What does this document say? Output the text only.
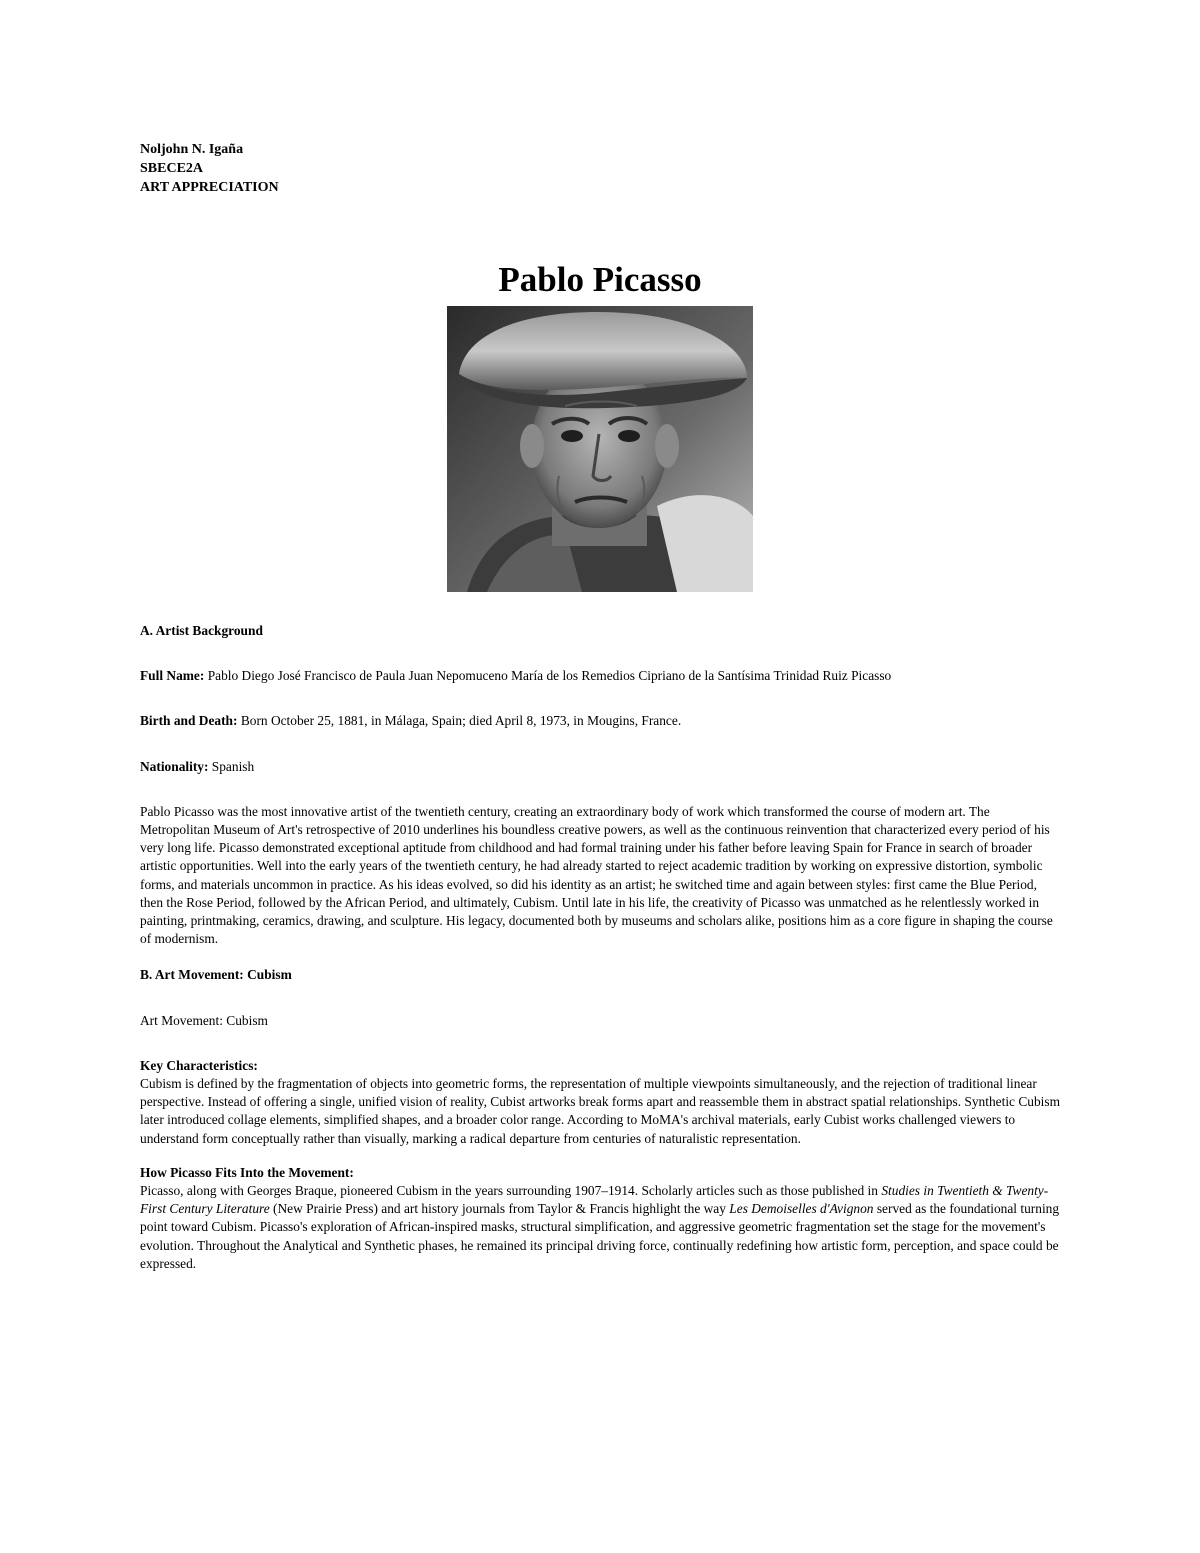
Noljohn N. Igaña
SBECE2A
ART APPRECIATION
Pablo Picasso
A. Artist Background
Full Name: Pablo Diego José Francisco de Paula Juan Nepomuceno María de los Remedios Cipriano de la Santísima Trinidad Ruiz Picasso
Birth and Death: Born October 25, 1881, in Málaga, Spain; died April 8, 1973, in Mougins, France.
Nationality: Spanish

Pablo Picasso was the most innovative artist of the twentieth century, creating an extraordinary body of work which transformed the course of modern art. The Metropolitan Museum of Art's retrospective of 2010 underlines his boundless creative powers, as well as the continuous reinvention that characterized every period of his very long life. Picasso demonstrated exceptional aptitude from childhood and had formal training under his father before leaving Spain for France in search of broader artistic opportunities. Well into the early years of the twentieth century, he had already started to reject academic tradition by working on expressive distortion, symbolic forms, and materials uncommon in practice. As his ideas evolved, so did his identity as an artist; he switched time and again between styles: first came the Blue Period, then the Rose Period, followed by the African Period, and ultimately, Cubism. Until late in his life, the creativity of Picasso was unmatched as he relentlessly worked in painting, printmaking, ceramics, drawing, and sculpture. His legacy, documented both by museums and scholars alike, positions him as a core figure in shaping the course of modernism.

B. Art Movement: Cubism
Art Movement: Cubism
Key Characteristics:

Cubism is defined by the fragmentation of objects into geometric forms, the representation of multiple viewpoints simultaneously, and the rejection of traditional linear perspective. Instead of offering a single, unified vision of reality, Cubist artworks break forms apart and reassemble them in abstract spatial relationships. Synthetic Cubism later introduced collage elements, simplified shapes, and a broader color range. According to MoMA's archival materials, early Cubist works challenged viewers to understand form conceptually rather than visually, marking a radical departure from centuries of naturalistic representation.

How Picasso Fits Into the Movement:

Picasso, along with Georges Braque, pioneered Cubism in the years surrounding 1907–1914. Scholarly articles such as those published in Studies in Twentieth & Twenty-First Century Literature (New Prairie Press) and art history journals from Taylor & Francis highlight the way Les Demoiselles d'Avignon served as the foundational turning point toward Cubism. Picasso's exploration of African-inspired masks, structural simplification, and aggressive geometric fragmentation set the stage for the movement's evolution. Throughout the Analytical and Synthetic phases, he remained its principal driving force, continually redefining how artistic form, perception, and space could be expressed.
